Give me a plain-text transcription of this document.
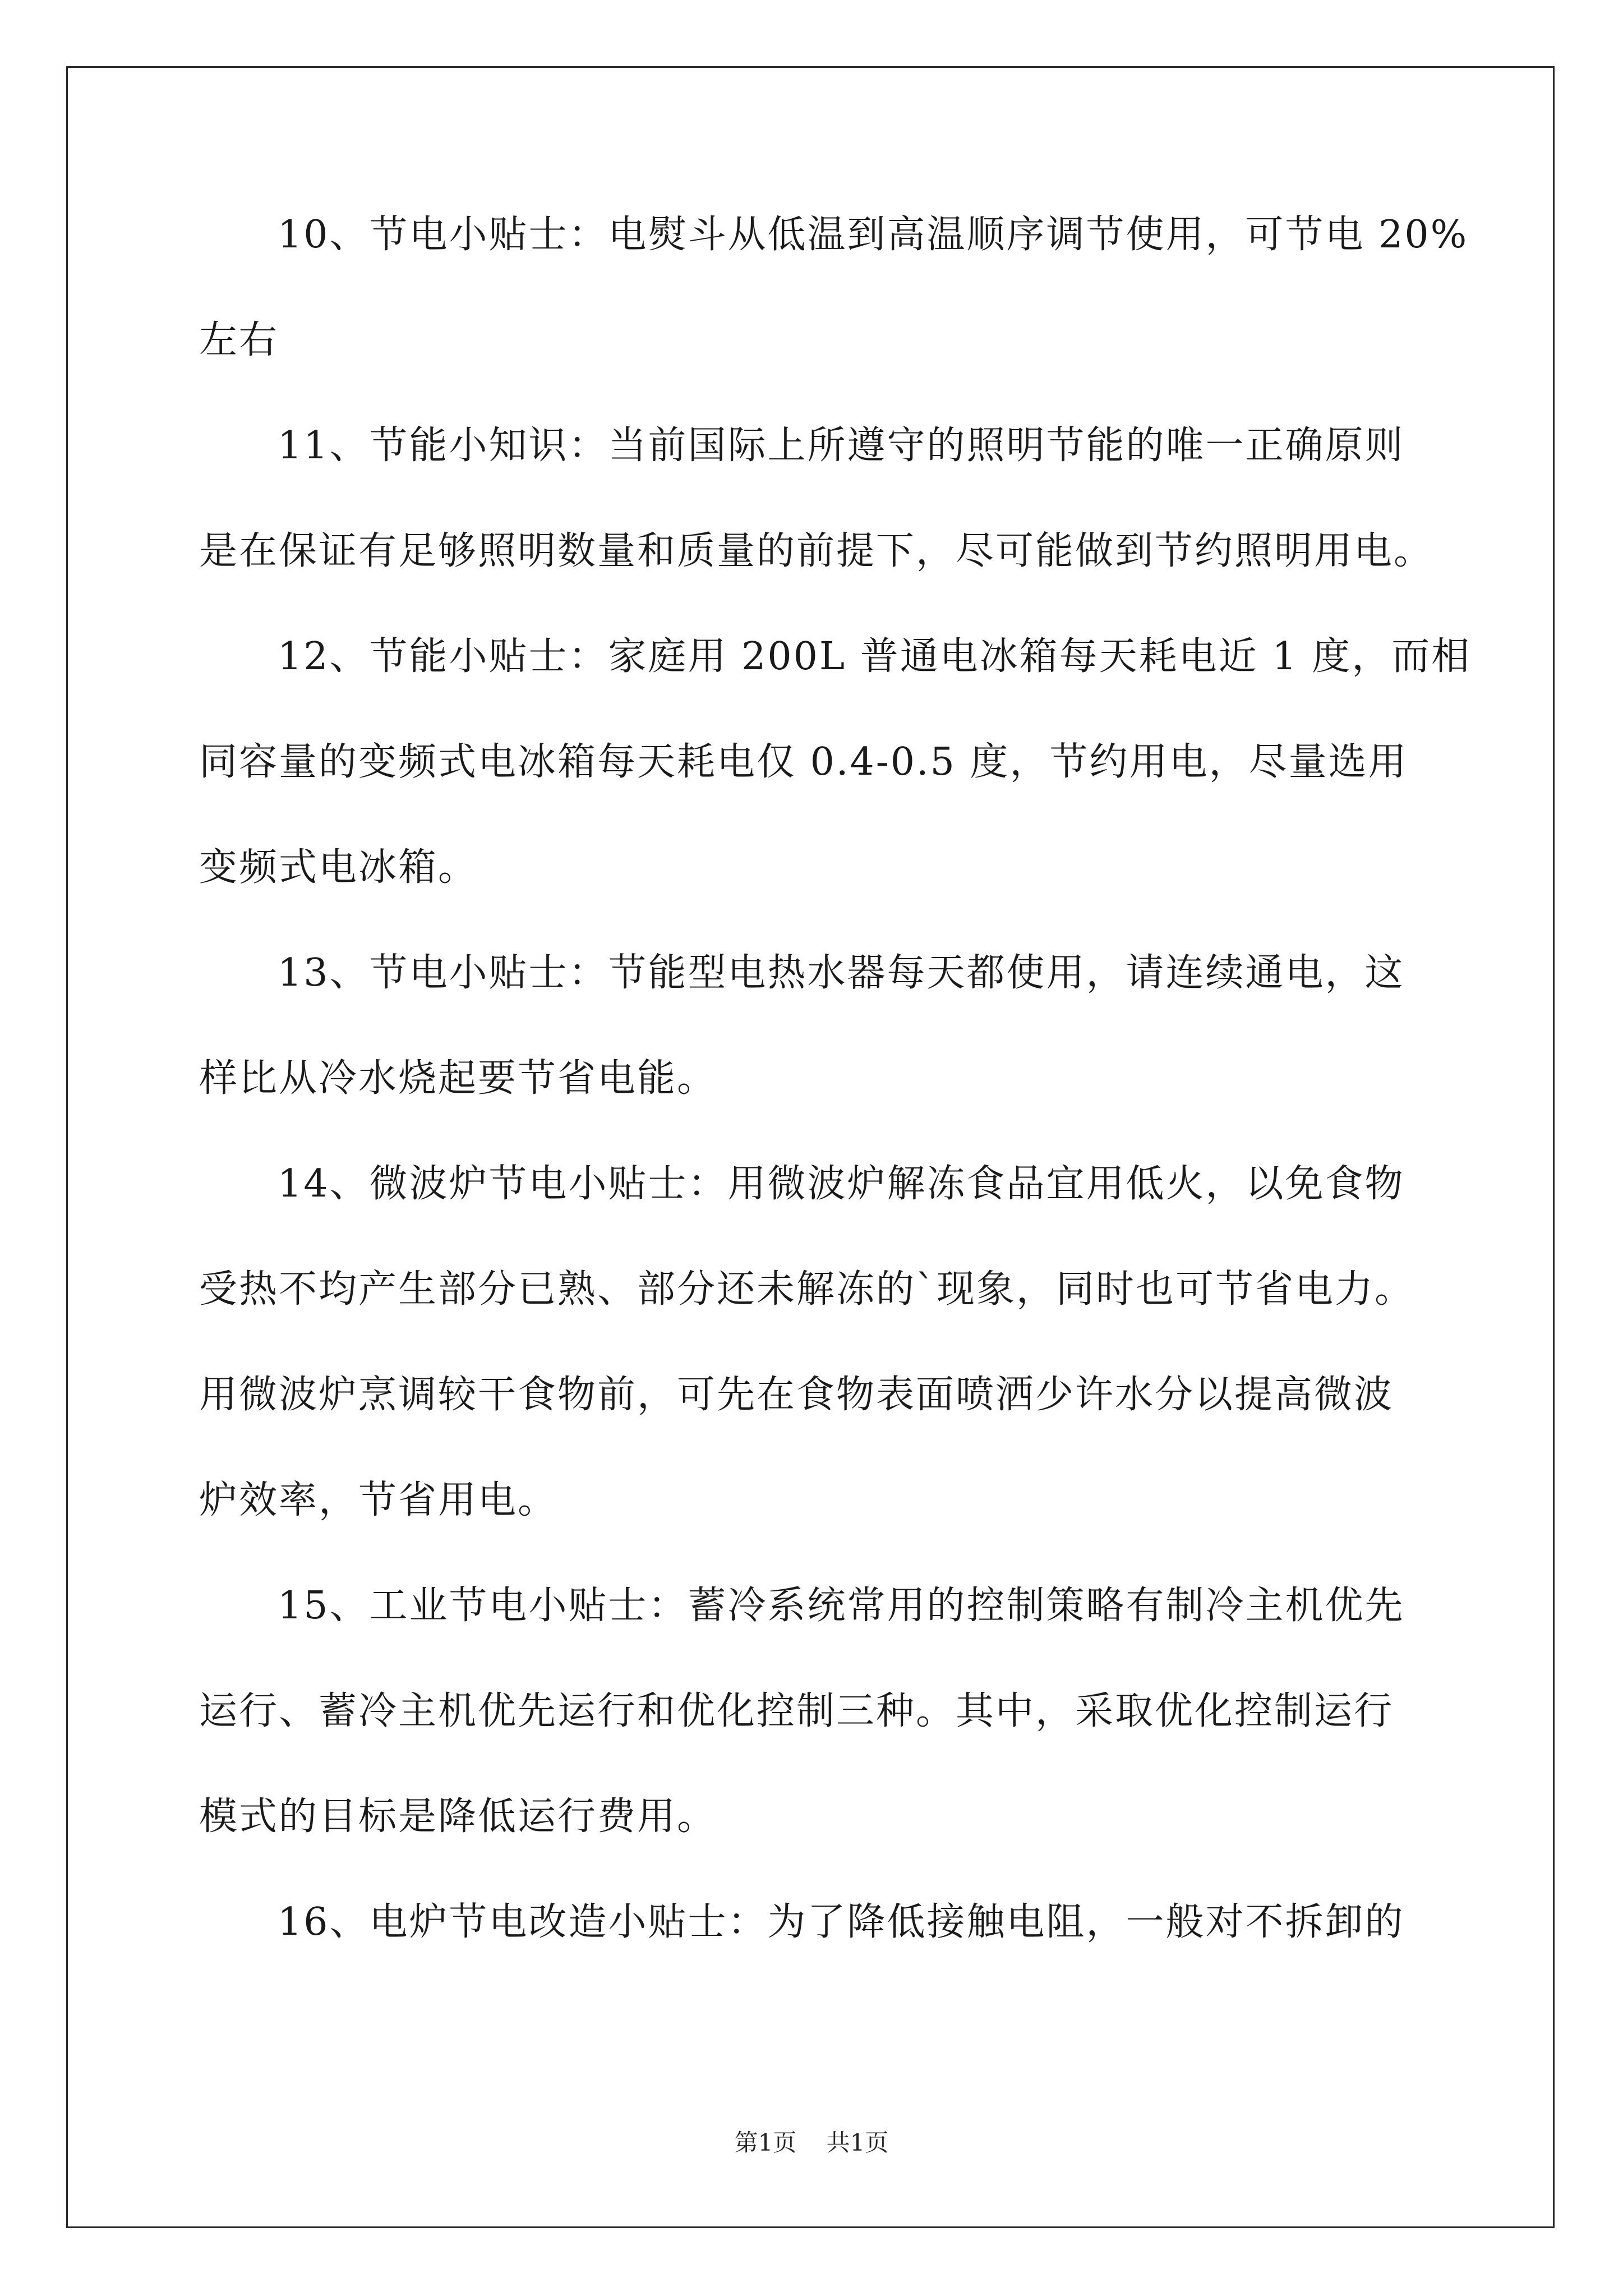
10、节电小贴士：电熨斗从低温到高温顺序调节使用，可节电 20%
左右
11、节能小知识：当前国际上所遵守的照明节能的唯一正确原则
是在保证有足够照明数量和质量的前提下，尽可能做到节约照明用电。
12、节能小贴士：家庭用 200L 普通电冰箱每天耗电近 1 度，而相
同容量的变频式电冰箱每天耗电仅 0.4-0.5 度，节约用电，尽量选用
变频式电冰箱。
13、节电小贴士：节能型电热水器每天都使用，请连续通电，这
样比从冷水烧起要节省电能。
14、微波炉节电小贴士：用微波炉解冻食品宜用低火，以免食物
受热不均产生部分已熟、部分还未解冻的`现象，同时也可节省电力。
用微波炉烹调较干食物前，可先在食物表面喷洒少许水分以提高微波
炉效率，节省用电。
15、工业节电小贴士：蓄冷系统常用的控制策略有制冷主机优先
运行、蓄冷主机优先运行和优化控制三种。其中，采取优化控制运行
模式的目标是降低运行费用。
16、电炉节电改造小贴士：为了降低接触电阻，一般对不拆卸的
第1页 共1页
